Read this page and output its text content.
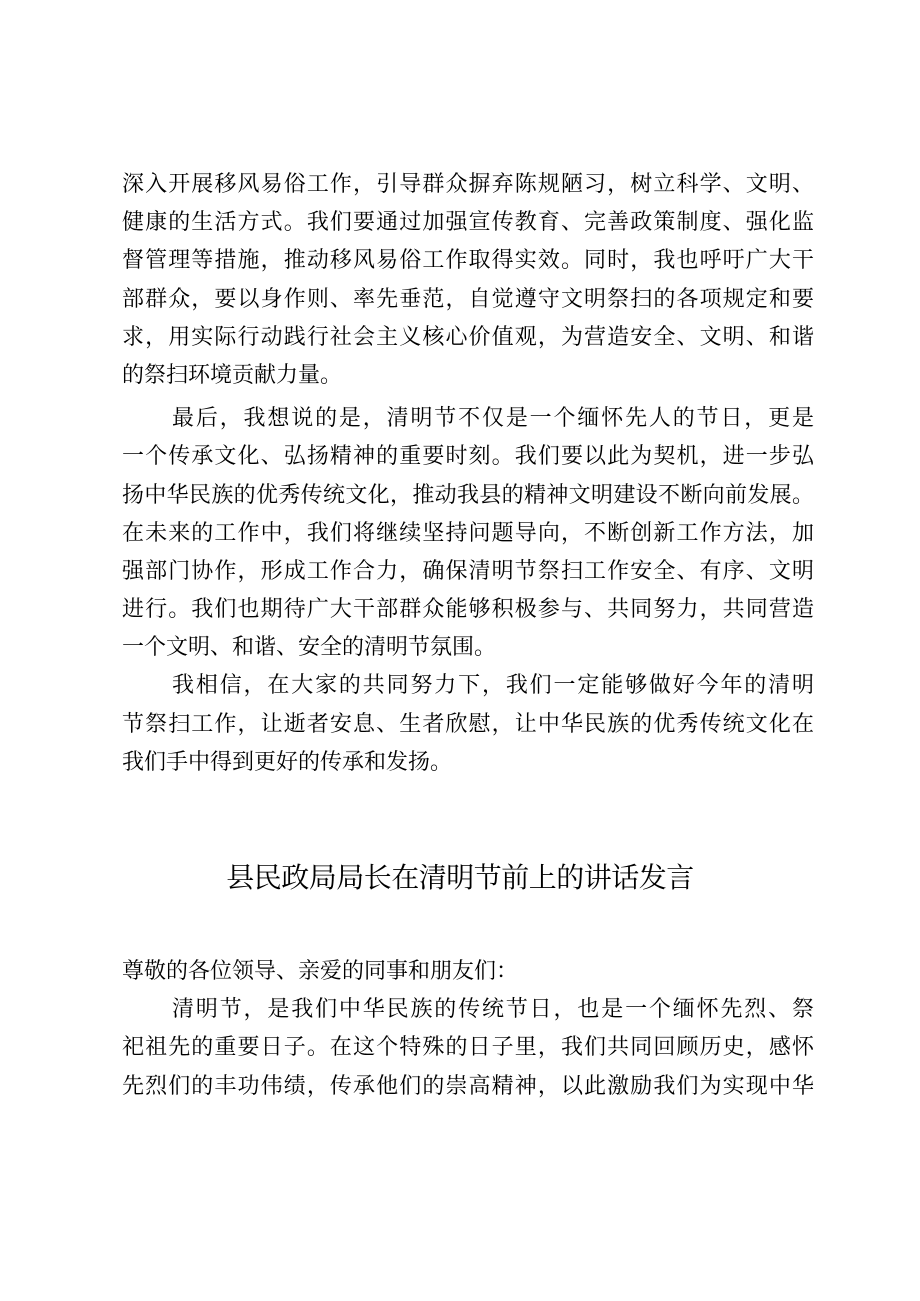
深入开展移风易俗工作，引导群众摒弃陈规陋习，树立科学、文明、
健康的生活方式。我们要通过加强宣传教育、完善政策制度、强化监
督管理等措施，推动移风易俗工作取得实效。同时，我也呼吁广大干
部群众，要以身作则、率先垂范，自觉遵守文明祭扫的各项规定和要
求，用实际行动践行社会主义核心价值观，为营造安全、文明、和谐
的祭扫环境贡献力量。
最后，我想说的是，清明节不仅是一个缅怀先人的节日，更是
一个传承文化、弘扬精神的重要时刻。我们要以此为契机，进一步弘
扬中华民族的优秀传统文化，推动我县的精神文明建设不断向前发展。
在未来的工作中，我们将继续坚持问题导向，不断创新工作方法，加
强部门协作，形成工作合力，确保清明节祭扫工作安全、有序、文明
进行。我们也期待广大干部群众能够积极参与、共同努力，共同营造
一个文明、和谐、安全的清明节氛围。
我相信，在大家的共同努力下，我们一定能够做好今年的清明
节祭扫工作，让逝者安息、生者欣慰，让中华民族的优秀传统文化在
我们手中得到更好的传承和发扬。
县民政局局长在清明节前上的讲话发言
尊敬的各位领导、亲爱的同事和朋友们：
清明节，是我们中华民族的传统节日，也是一个缅怀先烈、祭
祀祖先的重要日子。在这个特殊的日子里，我们共同回顾历史，感怀
先烈们的丰功伟绩，传承他们的崇高精神，以此激励我们为实现中华
